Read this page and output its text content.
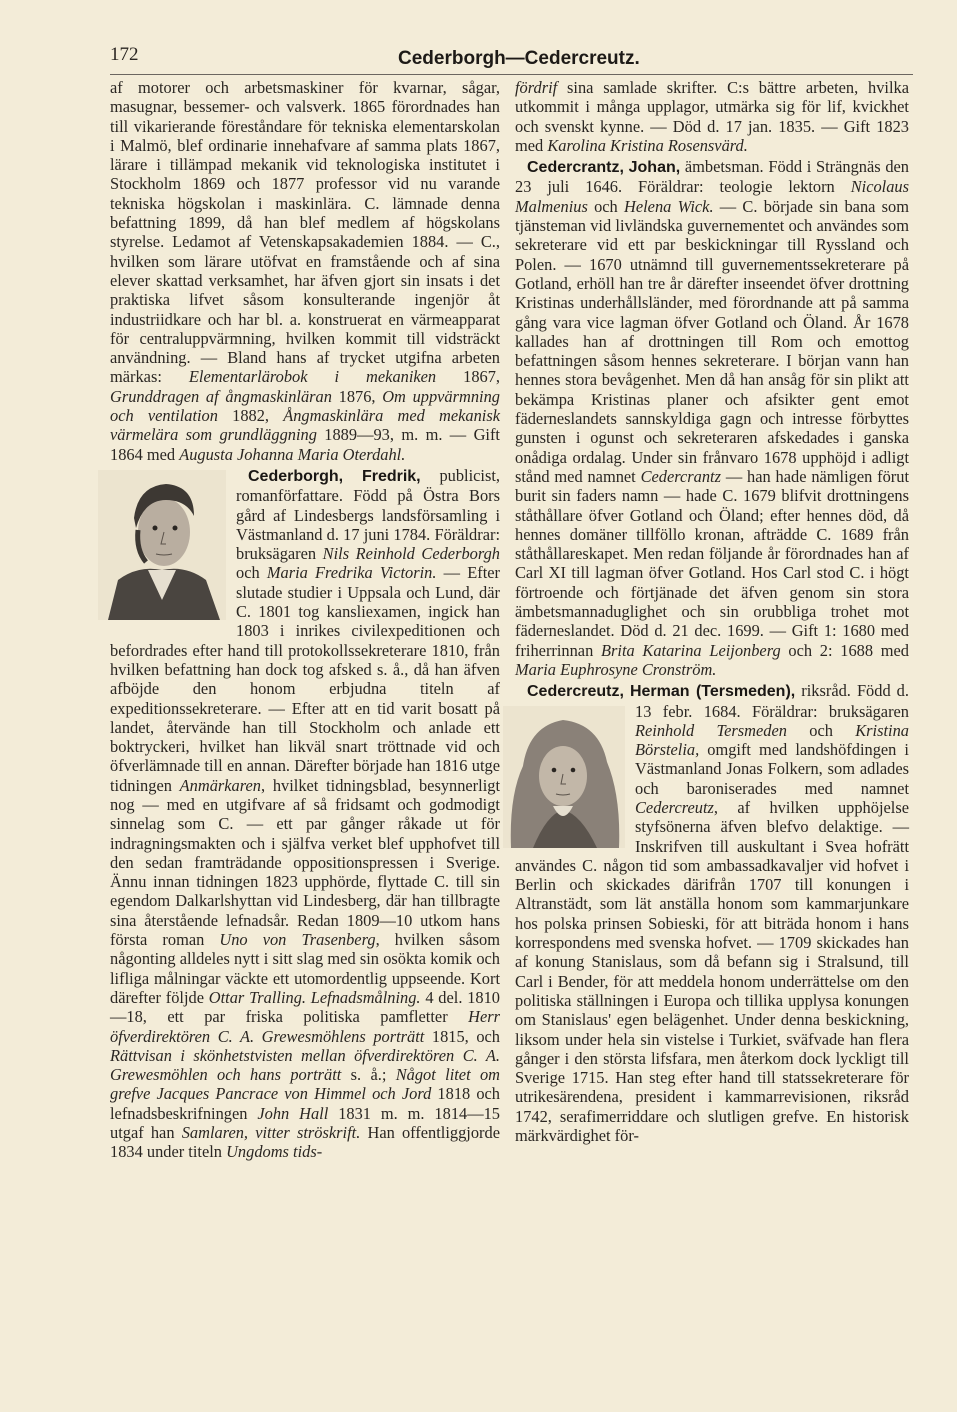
172	Cederborgh—Cedercreutz.

af motorer och arbetsmaskiner för kvarnar, sågar, masugnar, bessemer- och valsverk. 1865 förordnades han till vikarierande föreståndare för tekniska elementarskolan i Malmö, blef ordinarie innehafvare af samma plats 1867, lärare i tillämpad mekanik vid teknologiska institutet i Stockholm 1869 och 1877 professor vid nu varande tekniska högskolan i maskinlära. C. lämnade denna befattning 1899, då han blef medlem af högskolans styrelse. Ledamot af Vetenskapsakademien 1884. — C., hvilken som lärare utöfvat en framstående och af sina elever skattad verksamhet, har äfven gjort sin insats i det praktiska lifvet såsom konsulterande ingenjör åt industriidkare och har bl. a. konstruerat en värmeapparat för centraluppvärmning, hvilken kommit till vidsträckt användning. — Bland hans af trycket utgifna arbeten märkas: Elementarlärobok i mekaniken 1867, Grunddragen af ångmaskinläran 1876, Om uppvärmning och ventilation 1882, Ångmaskinlära med mekanisk värmelära som grundläggning 1889—93, m. m. — Gift 1864 med Augusta Johanna Maria Oterdahl.

Cederborgh, Fredrik,
publicist, romanförfattare. Född på Östra Bors gård af Lindesbergs landsförsamling i Västmanland d. 17 juni 1784. Föräldrar: bruksägaren Nils Reinhold Cederborgh och Maria Fredrika Victorin. — Efter slutade studier i Uppsala och Lund, där C. 1801 tog kansliexamen, ingick han 1803 i inrikes civilexpeditionen och befordrades efter hand till protokollssekreterare 1810, från hvilken befattning han dock tog afsked s. å., då han äfven afböjde den honom erbjudna titeln af expeditionssekreterare. — Efter att en tid varit bosatt på landet, återvände han till Stockholm och anlade ett boktryckeri, hvilket han likväl snart tröttnade vid och öfverlämnade till en annan. Därefter började han 1816 utge tidningen Anmärkaren, hvilket tidningsblad, besynnerligt nog — med en utgifvare af så fridsamt och godmodigt sinnelag som C. — ett par gånger råkade ut för indragningsmakten och i själfva verket blef upphofvet till den sedan framträdande oppositionspressen i Sverige. Ännu innan tidningen 1823 upphörde, flyttade C. till sin egendom Dalkarlshyttan vid Lindesberg, där han tillbragte sina återstående lefnadsår. Redan 1809—10 utkom hans första roman Uno von Trasenberg, hvilken såsom någonting alldeles nytt i sitt slag med sin osökta komik och lifliga målningar väckte ett utomordentlig uppseende. Kort därefter följde Ottar Tralling. Lefnadsmålning. 4 del. 1810—18, ett par friska politiska pamfletter Herr öfverdirektören C. A. Grewesmöhlens porträtt 1815, och Rättvisan i skönhetstvisten mellan öfverdirektören C. A. Grewesmöhlen och hans porträtt s. å.; Något litet om grefve Jacques Pancrace von Himmel och Jord 1818 och lefnadsbeskrifningen John Hall 1831 m. m. 1814—15 utgaf han Samlaren, vitter ströskrift. Han offentliggjorde 1834 under titeln Ungdoms tids-

fördrif sina samlade skrifter. C:s bättre arbeten, hvilka utkommit i många upplagor, utmärka sig för lif, kvickhet och svenskt kynne. — Död d. 17 jan. 1835. — Gift 1823 med Karolina Kristina Rosensvärd.

Cedercrantz, Johan, ämbetsman. Född i Strängnäs den 23 juli 1646. Föräldrar: teologie lektorn Nicolaus Malmenius och Helena Wick. — C. började sin bana som tjänsteman vid livländska guvernementet och användes som sekreterare vid ett par beskickningar till Ryssland och Polen. — 1670 utnämnd till guvernementssekreterare på Gotland, erhöll han tre år därefter inseendet öfver drottning Kristinas underhållsländer, med förordnande att på samma gång vara vice lagman öfver Gotland och Öland. År 1678 kallades han af drottningen till Rom och emottog befattningen såsom hennes sekreterare. I början vann han hennes stora bevågenhet. Men då han ansåg för sin plikt att bekämpa Kristinas planer och afsikter gent emot fäderneslandets sannskyldiga gagn och intresse förbyttes gunsten i ogunst och sekreteraren afskedades i ganska onådiga ordalag. Under sin frånvaro 1678 upphöjd i adligt stånd med namnet Cedercrantz — han hade nämligen förut burit sin faders namn — hade C. 1679 blifvit drottningens ståthållare öfver Gotland och Öland; efter hennes död, då hennes domäner tillföllo kronan, afträdde C. 1689 från ståthållareskapet. Men redan följande år förordnades han af Carl XI till lagman öfver Gotland. Hos Carl stod C. i högt förtroende och förtjänade det äfven genom sin stora ämbetsmannaduglighet och sin orubbliga trohet mot fäderneslandet. Död d. 21 dec. 1699. — Gift 1: 1680 med friherrinnan Brita Katarina Leijonberg och 2: 1688 med Maria Euphrosyne Cronström.

Cedercreutz, Herman (Tersmeden),
riksråd. Född d. 13 febr. 1684. Föräldrar: bruksägaren Reinhold Tersmeden och Kristina Börstelia, omgift med landshöfdingen i Västmanland Jonas Folkern, som adlades och baroniserades med namnet Cedercreutz, af hvilken upphöjelse styfsönerna äfven blefvo delaktige. — Inskrifven till auskultant i Svea hofrätt användes C. någon tid som ambassadkavaljer vid hofvet i Berlin och skickades därifrån 1707 till konungen i Altranstädt, som lät anställa honom som kammarjunkare hos polska prinsen Sobieski, för att biträda honom i hans korrespondens med svenska hofvet. — 1709 skickades han af konung Stanislaus, som då befann sig i Stralsund, till Carl i Bender, för att meddela honom underrättelse om den politiska ställningen i Europa och tillika upplysa konungen om Stanislaus' egen belägenhet. Under denna beskickning, liksom under hela sin vistelse i Turkiet, sväfvade han flera gånger i den största lifsfara, men återkom dock lyckligt till Sverige 1715. Han steg efter hand till statssekreterare för utrikesärendena, president i kammarrevisionen, riksråd 1742, serafimerriddare och slutligen grefve. En historisk märkvärdighet för-
